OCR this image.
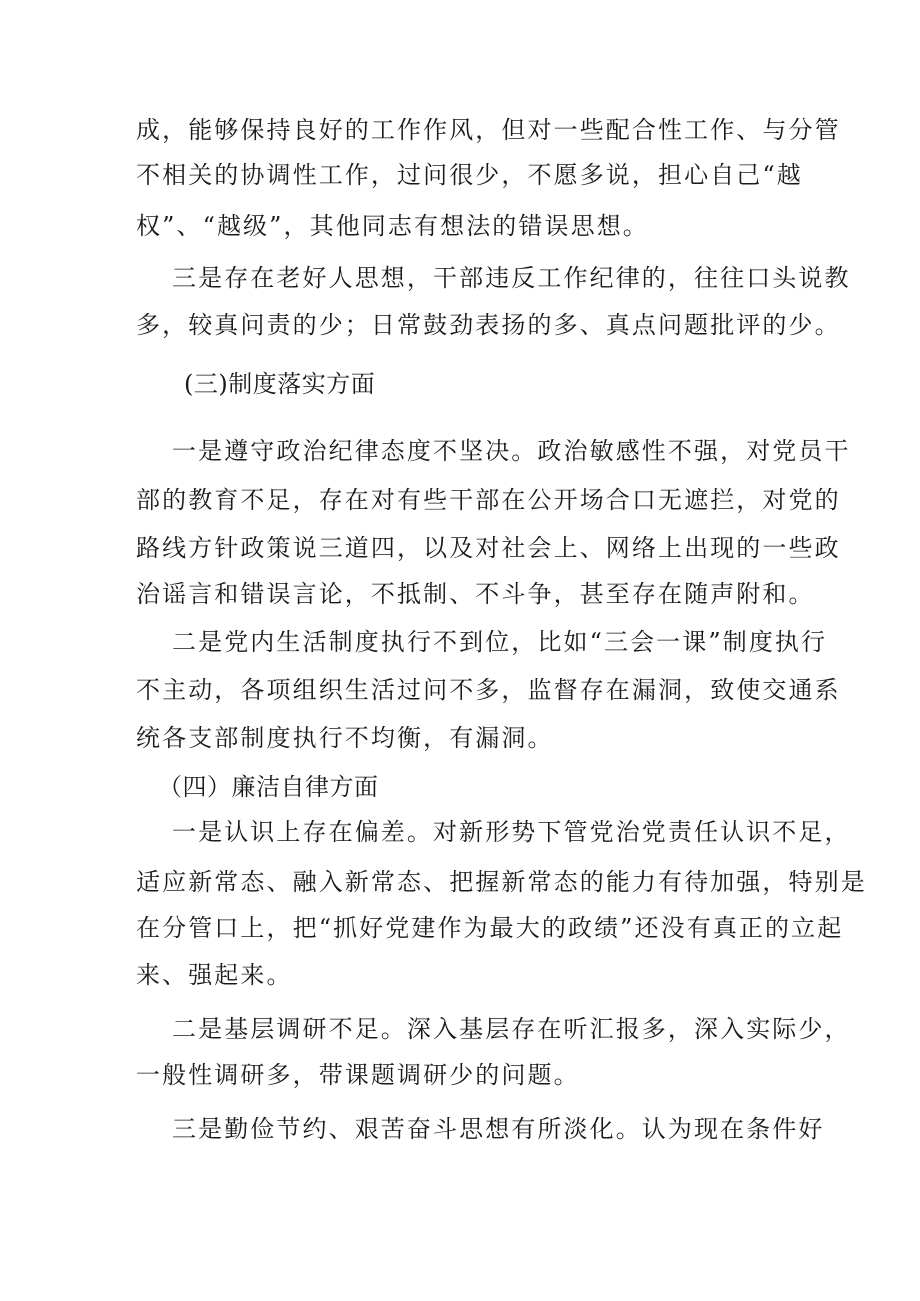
成，能够保持良好的工作作风，但对一些配合性工作、与分管
不相关的协调性工作，过问很少，不愿多说，担心自己“越
权”、“越级”，其他同志有想法的错误思想。
三是存在老好人思想，干部违反工作纪律的，往往口头说教
多，较真问责的少；日常鼓劲表扬的多、真点问题批评的少。
(三)制度落实方面
一是遵守政治纪律态度不坚决。政治敏感性不强，对党员干
部的教育不足，存在对有些干部在公开场合口无遮拦，对党的
路线方针政策说三道四，以及对社会上、网络上出现的一些政
治谣言和错误言论，不抵制、不斗争，甚至存在随声附和。
二是党内生活制度执行不到位，比如“三会一课”制度执行
不主动，各项组织生活过问不多，监督存在漏洞，致使交通系
统各支部制度执行不均衡，有漏洞。
（四）廉洁自律方面
一是认识上存在偏差。对新形势下管党治党责任认识不足，
适应新常态、融入新常态、把握新常态的能力有待加强，特别是
在分管口上，把“抓好党建作为最大的政绩”还没有真正的立起
来、强起来。
二是基层调研不足。深入基层存在听汇报多，深入实际少，
一般性调研多，带课题调研少的问题。
三是勤俭节约、艰苦奋斗思想有所淡化。认为现在条件好
